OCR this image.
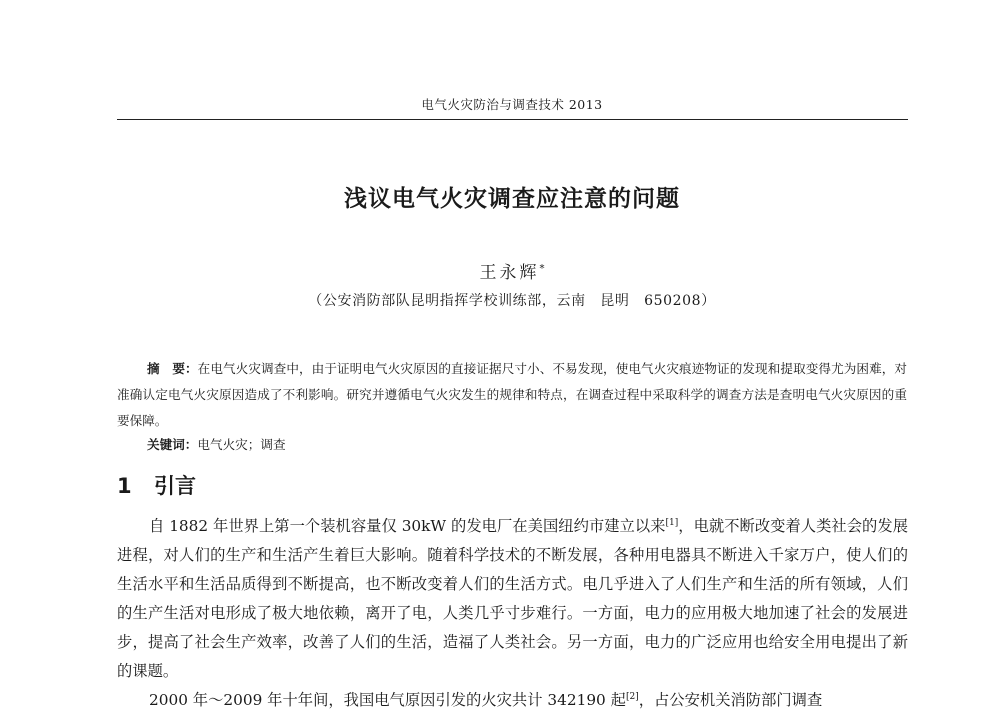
电气火灾防治与调查技术 2013
浅议电气火灾调查应注意的问题
王永辉*
（公安消防部队昆明指挥学校训练部，云南　昆明　650208）

摘　要：在电气火灾调查中，由于证明电气火灾原因的直接证据尺寸小、不易发现，使电气火灾痕迹物证的发现和提取变得尤为困难，对准确认定电气火灾原因造成了不利影响。研究并遵循电气火灾发生的规律和特点，在调查过程中采取科学的调查方法是查明电气火灾原因的重要保障。

关键词：电气火灾；调查
1 引言

自 1882 年世界上第一个装机容量仅 30kW 的发电厂在美国纽约市建立以来[1]，电就不断改变着人类社会的发展进程，对人们的生产和生活产生着巨大影响。随着科学技术的不断发展，各种用电器具不断进入千家万户，使人们的生活水平和生活品质得到不断提高，也不断改变着人们的生活方式。电几乎进入了人们生产和生活的所有领域，人们的生产生活对电形成了极大地依赖，离开了电，人类几乎寸步难行。一方面，电力的应用极大地加速了社会的发展进步，提高了社会生产效率，改善了人们的生活，造福了人类社会。另一方面，电力的广泛应用也给安全用电提出了新的课题。

2000 年～2009 年十年间，我国电气原因引发的火灾共计 342190 起[2]，占公安机关消防部门调查
